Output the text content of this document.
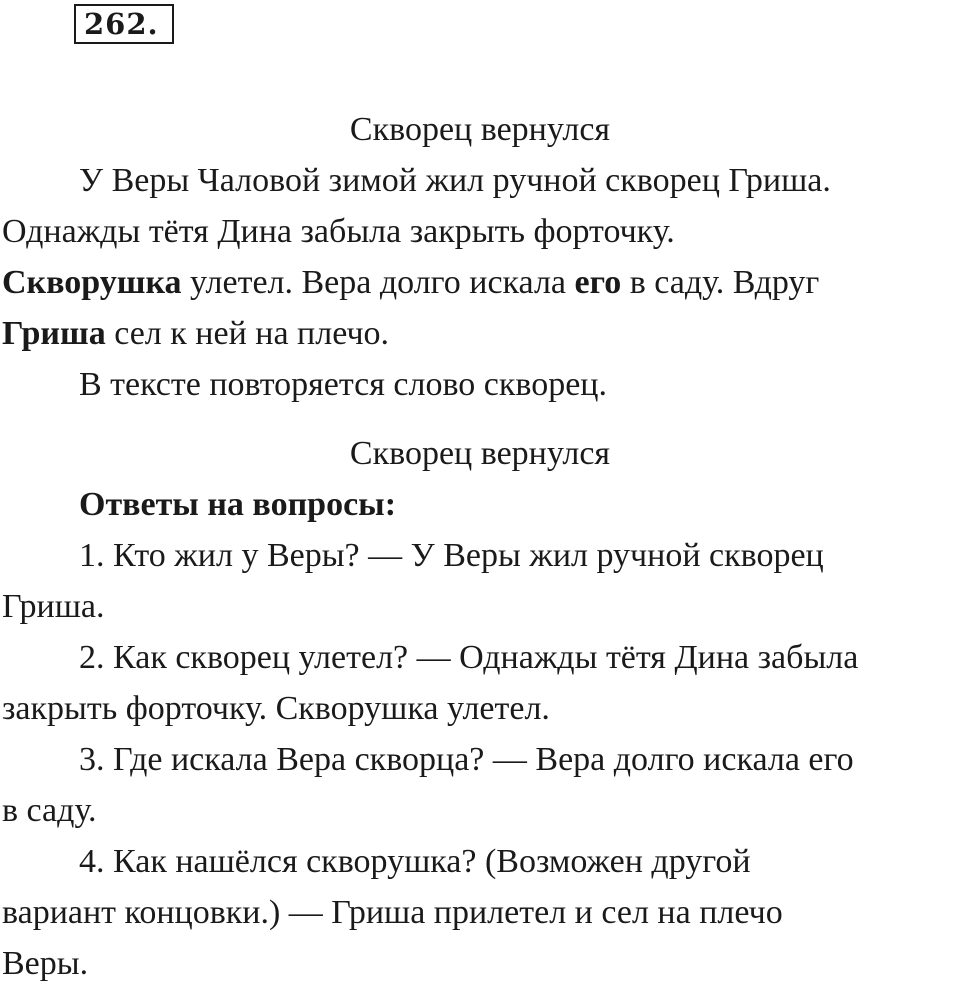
262.
Скворец вернулся
У Веры Чаловой зимой жил ручной скворец Гриша.
Однажды тётя Дина забыла закрыть форточку.
Скворушка улетел. Вера долго искала его в саду. Вдруг
Гриша сел к ней на плечо.
В тексте повторяется слово скворец.
Скворец вернулся
Ответы на вопросы:
1. Кто жил у Веры? — У Веры жил ручной скворец
Гриша.
2. Как скворец улетел? — Однажды тётя Дина забыла
закрыть форточку. Скворушка улетел.
3. Где искала Вера скворца? — Вера долго искала его
в саду.
4. Как нашёлся скворушка? (Возможен другой
вариант концовки.) — Гриша прилетел и сел на плечо
Веры.
